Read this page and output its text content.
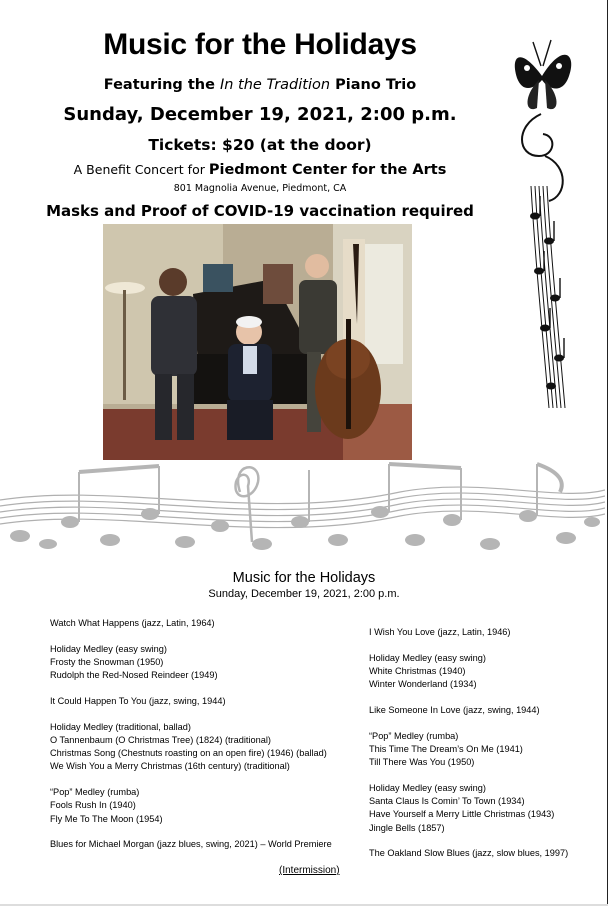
Music for the Holidays
Featuring the In the Tradition Piano Trio
Sunday, December 19, 2021, 2:00 p.m.
Tickets: $20 (at the door)
A Benefit Concert for Piedmont Center for the Arts
801 Magnolia Avenue, Piedmont, CA
Masks and Proof of COVID-19 vaccination required
Music for the Holidays
Sunday, December 19, 2021, 2:00 p.m.
Watch What Happens (jazz, Latin, 1964)
Holiday Medley (easy swing)
Frosty the Snowman (1950)
Rudolph the Red-Nosed Reindeer (1949)
It Could Happen To You (jazz, swing, 1944)
Holiday Medley (traditional, ballad)
O Tannenbaum (O Christmas Tree) (1824) (traditional)
Christmas Song (Chestnuts roasting on an open fire) (1946) (ballad)
We Wish You a Merry Christmas (16th century) (traditional)
“Pop” Medley (rumba)
Fools Rush In (1940)
Fly Me To The Moon (1954)
Blues for Michael Morgan (jazz blues, swing, 2021) – World Premiere
I Wish You Love (jazz, Latin, 1946)
Holiday Medley (easy swing)
White Christmas (1940)
Winter Wonderland (1934)
Like Someone In Love (jazz, swing, 1944)
“Pop” Medley (rumba)
This Time The Dream’s On Me (1941)
Till There Was You (1950)
Holiday Medley (easy swing)
Santa Claus Is Comin’ To Town (1934)
Have Yourself a Merry Little Christmas (1943)
Jingle Bells (1857)
The Oakland Slow Blues (jazz, slow blues, 1997)
(Intermission)
